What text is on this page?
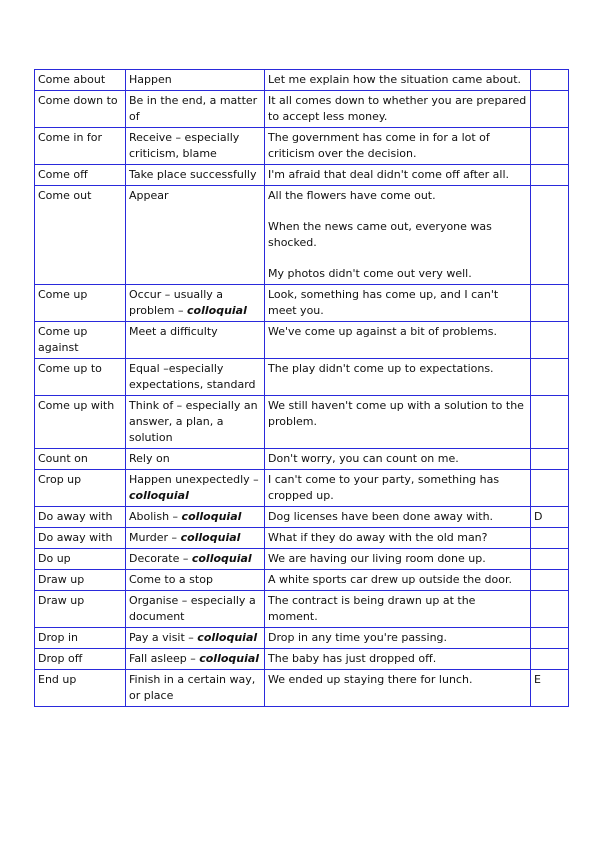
Come about	Happen	Let me explain how the situation came about.	

Come down to	Be in the end, a matter of	It all comes down to whether you are prepared to accept less money.	

Come in for	Receive – especially criticism, blame	The government has come in for a lot of criticism over the decision.	

Come off	Take place successfully	I'm afraid that deal didn't come off after all.	

Come out	Appear	All the flowers have come out.
When the news came out, everyone was shocked.
My photos didn't come out very well.	

Come up	Occur – usually a problem – colloquial	Look, something has come up, and I can't meet you.	

Come up against	Meet a difficulty	We've come up against a bit of problems.	

Come up to	Equal –especially expectations, standard	The play didn't come up to expectations.	

Come up with	Think of – especially an answer, a plan, a solution	We still haven't come up with a solution to the problem.	

Count on	Rely on	Don't worry, you can count on me.	

Crop up	Happen unexpectedly – colloquial	I can't come to your party, something has cropped up.	

Do away with	Abolish – colloquial	Dog licenses have been done away with.	D
Do away with	Murder – colloquial	What if they do away with the old man?	

Do up	Decorate – colloquial	We are having our living room done up.	

Draw up	Come to a stop	A white sports car drew up outside the door.	

Draw up	Organise – especially a document	The contract is being drawn up at the moment.	

Drop in	Pay a visit – colloquial	Drop in any time you're passing.	

Drop off	Fall asleep – colloquial	The baby has just dropped off.	

End up	Finish in a certain way, or place	We ended up staying there for lunch.	E
